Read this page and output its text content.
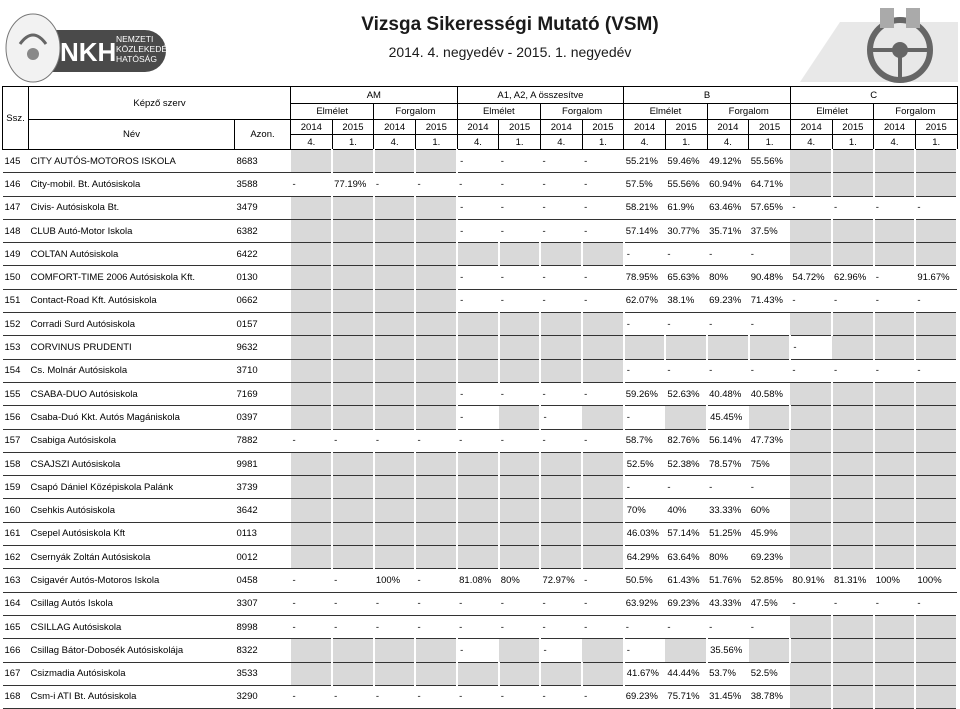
NKH NEMZETI
KÖZLEKEDÉSI
HATÓSÁG
Vizsga Sikerességi Mutató (VSM)
2014. 4. negyedév - 2015. 1. negyedév
Ssz.	Képző szerv		AM				A1, A2, A összesítve				B				C			
			Elmélet		Forgalom		Elmélet		Forgalom		Elmélet		Forgalom		Elmélet		Forgalom	
	Név	Azon.	2014	2015	2014	2015	2014	2015	2014	2015	2014	2015	2014	2015	2014	2015	2014	2015
			4.	1.	4.	1.	4.	1.	4.	1.	4.	1.	4.	1.	4.	1.	4.	1.
145	CITY AUTÓS-MOTOROS ISKOLA	8683					-	-	-	-	55.21%	59.46%	49.12%	55.56%				
146	City-mobil. Bt. Autósiskola	3588	-	77.19%	-	-	-	-	-	-	57.5%	55.56%	60.94%	64.71%				
147	Civis- Autósiskola Bt.	3479					-	-	-	-	58.21%	61.9%	63.46%	57.65%	-	-	-	-
148	CLUB Autó-Motor Iskola	6382					-	-	-	-	57.14%	30.77%	35.71%	37.5%				
149	COLTAN Autósiskola	6422									-	-	-	-				
150	COMFORT-TIME 2006 Autósiskola Kft.	0130					-	-	-	-	78.95%	65.63%	80%	90.48%	54.72%	62.96%	-	91.67%
151	Contact-Road Kft. Autósiskola	0662					-	-	-	-	62.07%	38.1%	69.23%	71.43%	-	-	-	-
152	Corradi Surd Autósiskola	0157									-	-	-	-				
153	CORVINUS PRUDENTI	9632													-			
154	Cs. Molnár Autósiskola	3710									-	-	-	-	-	-	-	-
155	CSABA-DUO Autósiskola	7169					-	-	-	-	59.26%	52.63%	40.48%	40.58%				
156	Csaba-Duó Kkt. Autós Magániskola	0397					-		-		-		45.45%					
157	Csabiga Autósiskola	7882	-	-	-	-	-	-	-	-	58.7%	82.76%	56.14%	47.73%				
158	CSAJSZI Autósiskola	9981									52.5%	52.38%	78.57%	75%				
159	Csapó Dániel Középiskola Palánk	3739									-	-	-	-				
160	Csehkis Autósiskola	3642									70%	40%	33.33%	60%				
161	Csepel Autósiskola Kft	0113									46.03%	57.14%	51.25%	45.9%				
162	Csernyák Zoltán Autósiskola	0012									64.29%	63.64%	80%	69.23%				
163	Csigavér Autós-Motoros Iskola	0458	-	-	100%	-	81.08%	80%	72.97%	-	50.5%	61.43%	51.76%	52.85%	80.91%	81.31%	100%	100%
164	Csillag Autós Iskola	3307	-	-	-	-	-	-	-	-	63.92%	69.23%	43.33%	47.5%	-	-	-	-
165	CSILLAG Autósiskola	8998	-	-	-	-	-	-	-	-	-	-	-	-				
166	Csillag Bátor-Dobosék Autósiskolája	8322					-		-		-		35.56%					
167	Csizmadia Autósiskola	3533									41.67%	44.44%	53.7%	52.5%				
168	Csm-i ATI Bt. Autósiskola	3290	-	-	-	-	-	-	-	-	69.23%	75.71%	31.45%	38.78%				
